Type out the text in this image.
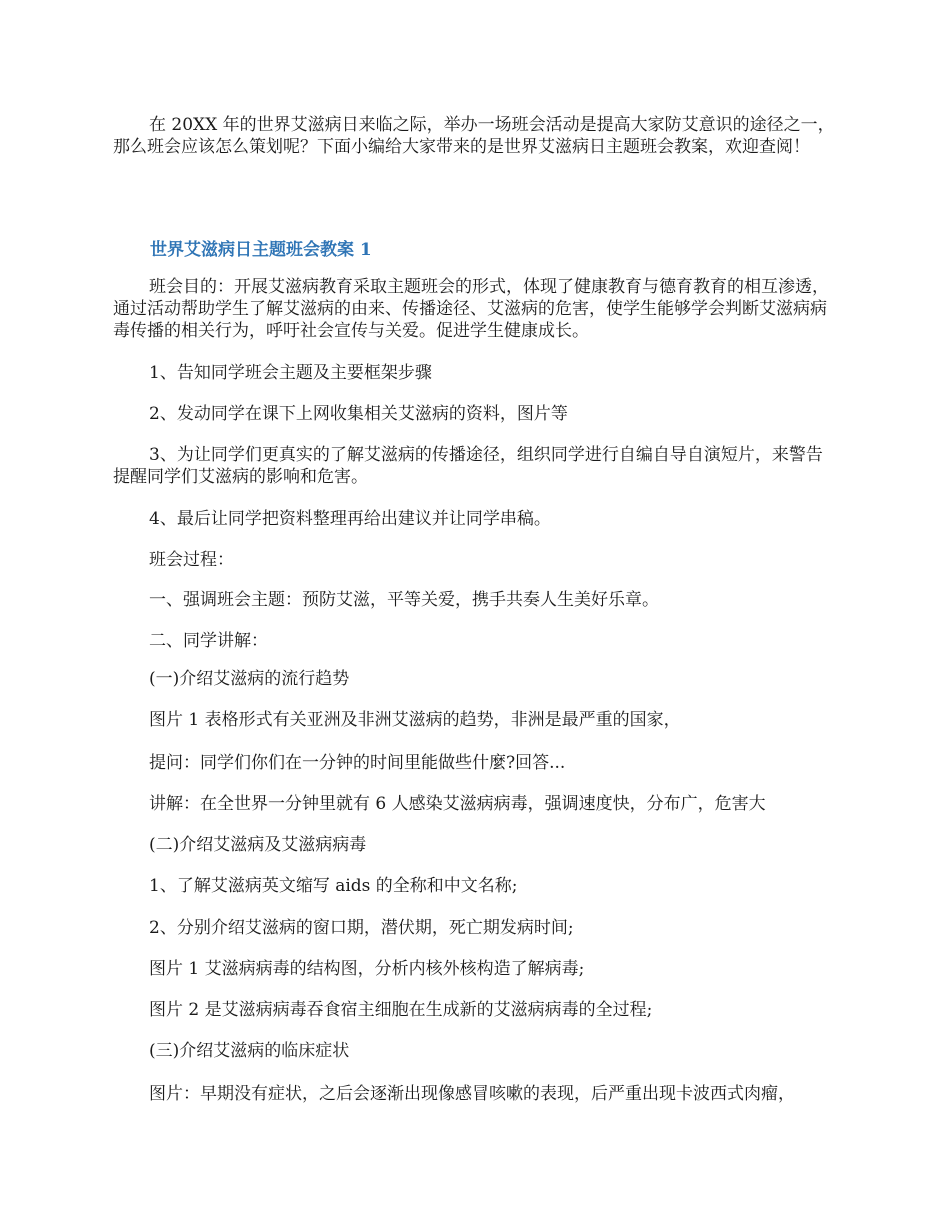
在 20XX 年的世界艾滋病日来临之际，举办一场班会活动是提高大家防艾意识的途径之一，那么班会应该怎么策划呢？下面小编给大家带来的是世界艾滋病日主题班会教案，欢迎查阅！

世界艾滋病日主题班会教案 1

班会目的：开展艾滋病教育采取主题班会的形式，体现了健康教育与德育教育的相互渗透，通过活动帮助学生了解艾滋病的由来、传播途径、艾滋病的危害，使学生能够学会判断艾滋病病毒传播的相关行为，呼吁社会宣传与关爱。促进学生健康成长。

1、告知同学班会主题及主要框架步骤

2、发动同学在课下上网收集相关艾滋病的资料，图片等

3、为让同学们更真实的了解艾滋病的传播途径，组织同学进行自编自导自演短片，来警告提醒同学们艾滋病的影响和危害。

4、最后让同学把资料整理再给出建议并让同学串稿。

班会过程：

一、强调班会主题：预防艾滋，平等关爱，携手共奏人生美好乐章。

二、同学讲解：

(一)介绍艾滋病的流行趋势

图片 1 表格形式有关亚洲及非洲艾滋病的趋势，非洲是最严重的国家，

提问：同学们你们在一分钟的时间里能做些什麼?回答...

讲解：在全世界一分钟里就有 6 人感染艾滋病病毒，强调速度快，分布广，危害大

(二)介绍艾滋病及艾滋病病毒

1、了解艾滋病英文缩写 aids 的全称和中文名称;

2、分别介绍艾滋病的窗口期，潜伏期，死亡期发病时间;

图片 1 艾滋病病毒的结构图，分析内核外核构造了解病毒;

图片 2 是艾滋病病毒吞食宿主细胞在生成新的艾滋病病毒的全过程;

(三)介绍艾滋病的临床症状

图片：早期没有症状，之后会逐渐出现像感冒咳嗽的表现，后严重出现卡波西式肉瘤，
